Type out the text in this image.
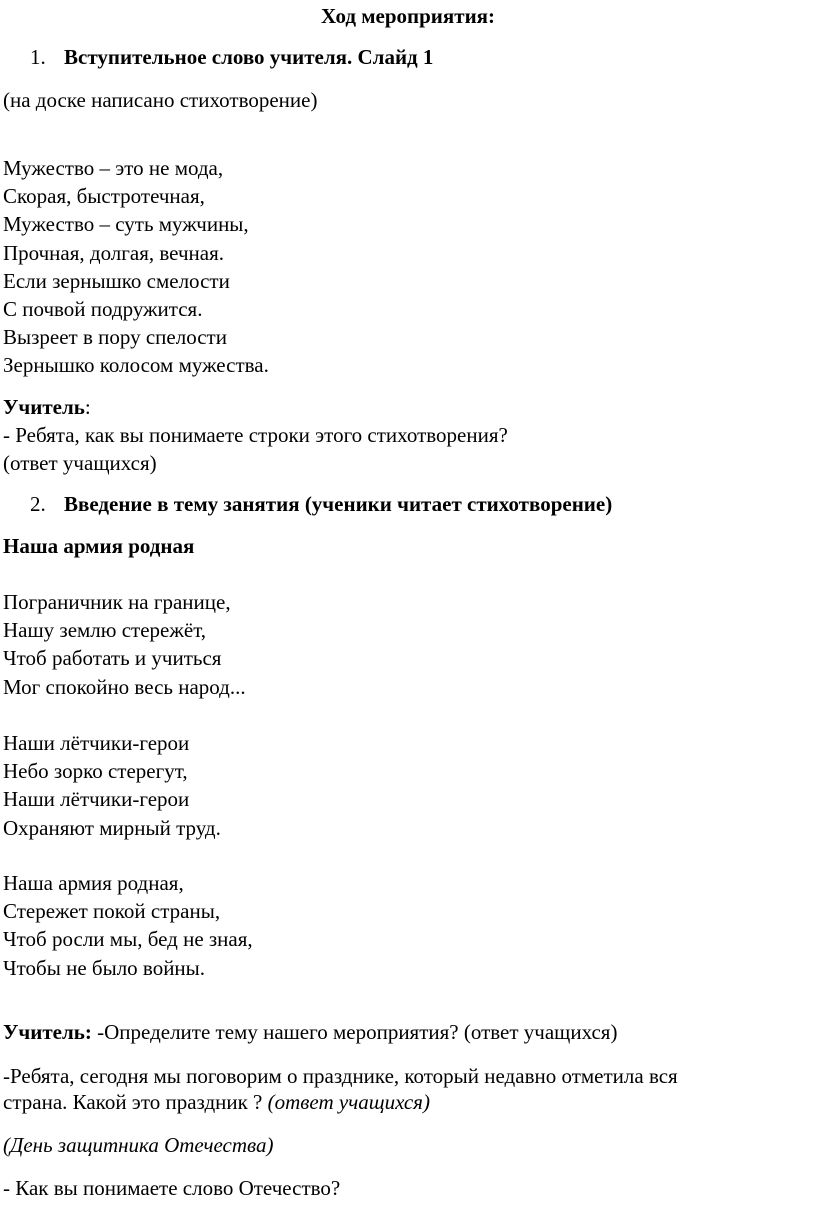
Ход мероприятия:
1. Вступительное слово учителя. Слайд 1
(на доске написано стихотворение)
Мужество – это не мода,
Скорая, быстротечная,
Мужество – суть мужчины,
Прочная, долгая, вечная.
Если зернышко смелости
С почвой подружится.
Вызреет в пору спелости
Зернышко колосом мужества.
Учитель:
- Ребята, как вы понимаете строки этого стихотворения?
(ответ учащихся)
2. Введение в тему занятия (ученики читает стихотворение)
Наша армия родная
Пограничник на границе,
Нашу землю стережёт,
Чтоб работать и учиться
Мог спокойно весь народ...
Наши лётчики-герои
Небо зорко стерегут,
Наши лётчики-герои
Охраняют мирный труд.
Наша армия родная,
Стережет покой страны,
Чтоб росли мы, бед не зная,
Чтобы не было войны.
Учитель: -Определите тему нашего мероприятия? (ответ учащихся)
-Ребята, сегодня мы поговорим о празднике, который недавно отметила вся
страна. Какой это праздник ? (ответ учащихся)
(День защитника Отечества)
- Как вы понимаете слово Отечество?
